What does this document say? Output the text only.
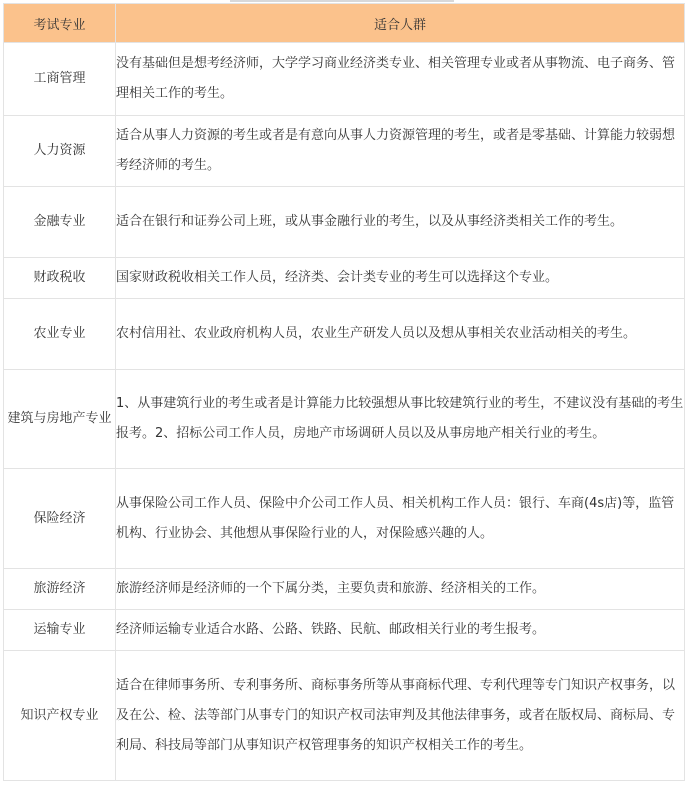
考试专业	适合人群
工商管理	没有基础但是想考经济师，大学学习商业经济类专业、相关管理专业或者从事物流、电子商务、管理相关工作的考生。
人力资源	适合从事人力资源的考生或者是有意向从事人力资源管理的考生，或者是零基础、计算能力较弱想考经济师的考生。
金融专业	适合在银行和证券公司上班，或从事金融行业的考生，以及从事经济类相关工作的考生。
财政税收	国家财政税收相关工作人员，经济类、会计类专业的考生可以选择这个专业。
农业专业	农村信用社、农业政府机构人员，农业生产研发人员以及想从事相关农业活动相关的考生。
建筑与房地产专业	1、从事建筑行业的考生或者是计算能力比较强想从事比较建筑行业的考生，不建议没有基础的考生报考。2、招标公司工作人员，房地产市场调研人员以及从事房地产相关行业的考生。
保险经济	从事保险公司工作人员、保险中介公司工作人员、相关机构工作人员：银行、车商(4s店)等，监管机构、行业协会、其他想从事保险行业的人，对保险感兴趣的人。
旅游经济	旅游经济师是经济师的一个下属分类，主要负责和旅游、经济相关的工作。
运输专业	经济师运输专业适合水路、公路、铁路、民航、邮政相关行业的考生报考。
知识产权专业	适合在律师事务所、专利事务所、商标事务所等从事商标代理、专利代理等专门知识产权事务，以及在公、检、法等部门从事专门的知识产权司法审判及其他法律事务，或者在版权局、商标局、专利局、科技局等部门从事知识产权管理事务的知识产权相关工作的考生。
